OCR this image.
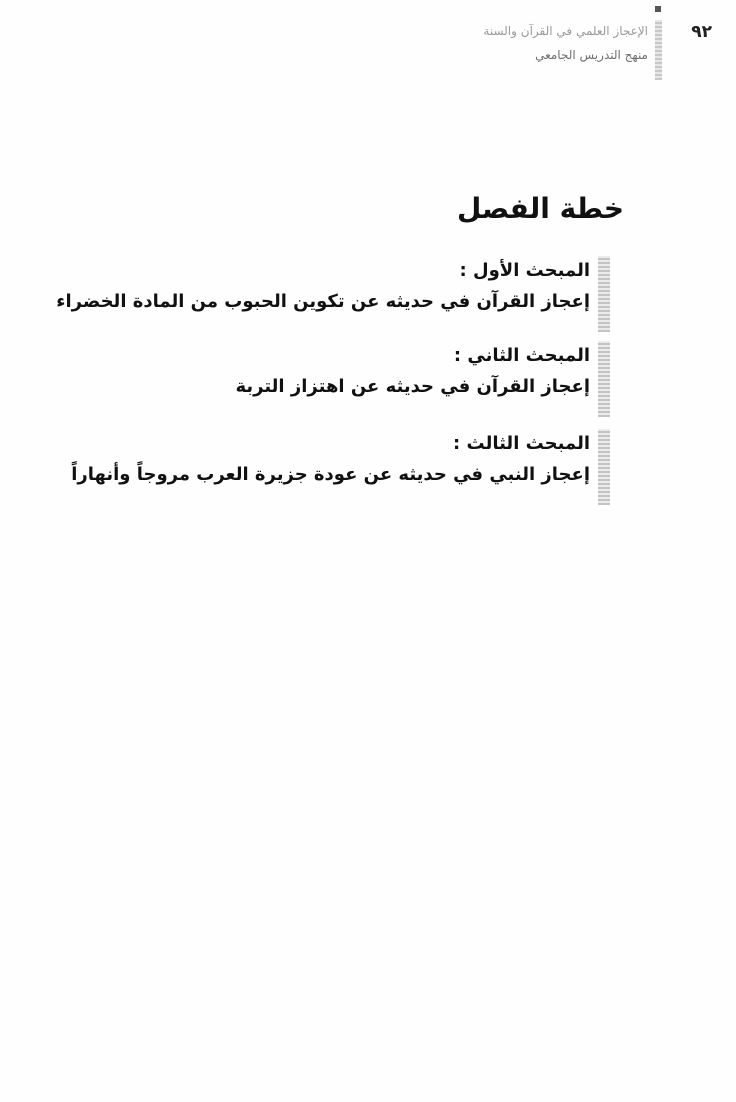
٩٢
الإعجاز العلمي في القرآن والسنة
منهج التدريس الجامعي
خطة الفصل
المبحث الأول :
إعجاز القرآن في حديثه عن تكوين الحبوب من المادة الخضراء
المبحث الثاني :
إعجاز القرآن في حديثه عن اهتزاز التربة
المبحث الثالث :
إعجاز النبي في حديثه عن عودة جزيرة العرب مروجاً وأنهاراً
